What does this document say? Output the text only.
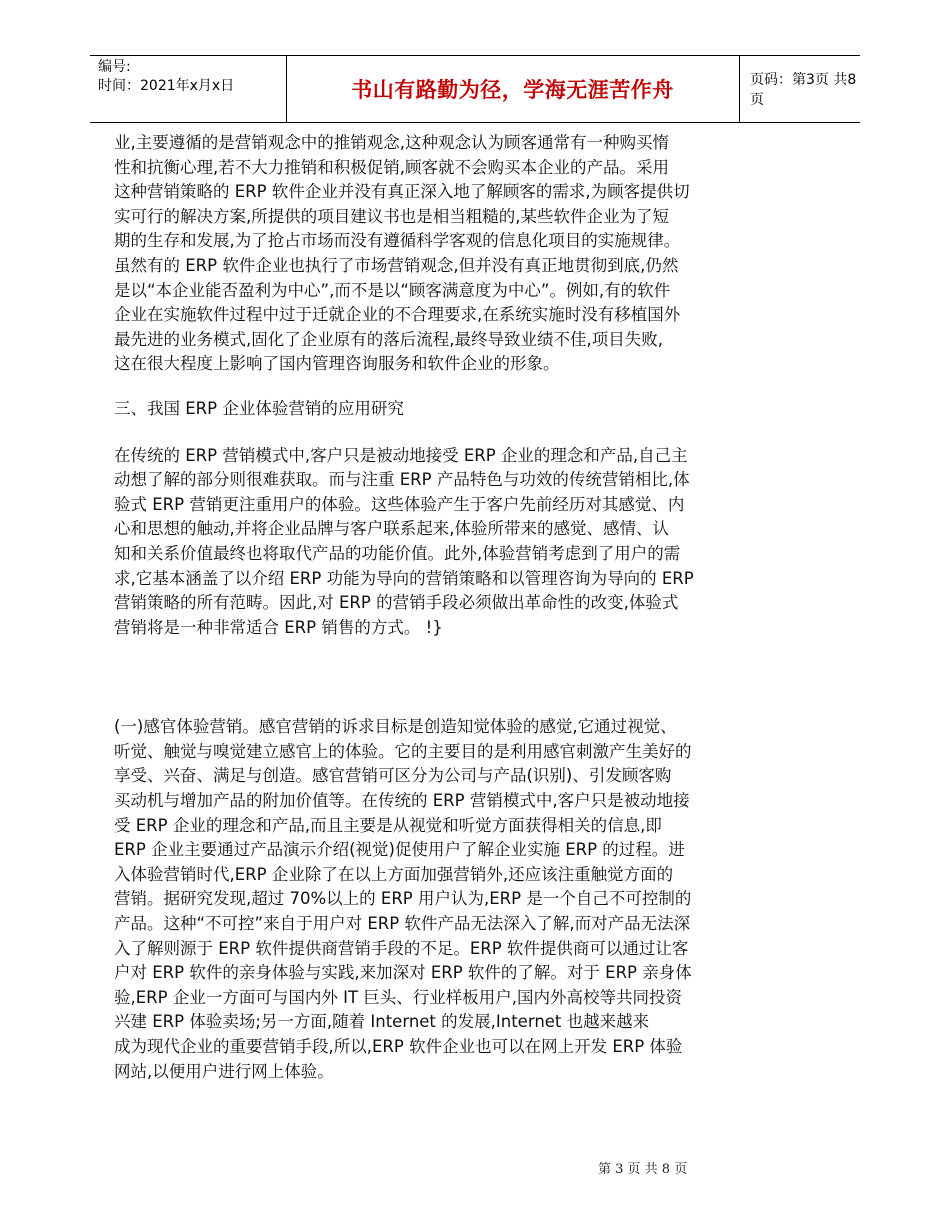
编号:
时间：2021年x月x日	书山有路勤为径，学海无涯苦作舟	页码：第3页 共8页
业,主要遵循的是营销观念中的推销观念,这种观念认为顾客通常有一种购买惰
性和抗衡心理,若不大力推销和积极促销,顾客就不会购买本企业的产品。采用
这种营销策略的 ERP 软件企业并没有真正深入地了解顾客的需求,为顾客提供切
实可行的解决方案,所提供的项目建议书也是相当粗糙的,某些软件企业为了短
期的生存和发展,为了抢占市场而没有遵循科学客观的信息化项目的实施规律。
虽然有的 ERP 软件企业也执行了市场营销观念,但并没有真正地贯彻到底,仍然
是以“本企业能否盈利为中心”,而不是以“顾客满意度为中心”。例如,有的软件
企业在实施软件过程中过于迁就企业的不合理要求,在系统实施时没有移植国外
最先进的业务模式,固化了企业原有的落后流程,最终导致业绩不佳,项目失败,
这在很大程度上影响了国内管理咨询服务和软件企业的形象。
三、我国 ERP 企业体验营销的应用研究
在传统的 ERP 营销模式中,客户只是被动地接受 ERP 企业的理念和产品,自己主
动想了解的部分则很难获取。而与注重 ERP 产品特色与功效的传统营销相比,体
验式 ERP 营销更注重用户的体验。这些体验产生于客户先前经历对其感觉、内
心和思想的触动,并将企业品牌与客户联系起来,体验所带来的感觉、感情、认
知和关系价值最终也将取代产品的功能价值。此外,体验营销考虑到了用户的需
求,它基本涵盖了以介绍 ERP 功能为导向的营销策略和以管理咨询为导向的 ERP
营销策略的所有范畴。因此,对 ERP 的营销手段必须做出革命性的改变,体验式
营销将是一种非常适合 ERP 销售的方式。 !}
(一)感官体验营销。感官营销的诉求目标是创造知觉体验的感觉,它通过视觉、
听觉、触觉与嗅觉建立感官上的体验。它的主要目的是利用感官刺激产生美好的
享受、兴奋、满足与创造。感官营销可区分为公司与产品(识别)、引发顾客购
买动机与增加产品的附加价值等。在传统的 ERP 营销模式中,客户只是被动地接
受 ERP 企业的理念和产品,而且主要是从视觉和听觉方面获得相关的信息,即
ERP 企业主要通过产品演示介绍(视觉)促使用户了解企业实施 ERP 的过程。进
入体验营销时代,ERP 企业除了在以上方面加强营销外,还应该注重触觉方面的
营销。据研究发现,超过 70%以上的 ERP 用户认为,ERP 是一个自己不可控制的
产品。这种“不可控”来自于用户对 ERP 软件产品无法深入了解,而对产品无法深
入了解则源于 ERP 软件提供商营销手段的不足。ERP 软件提供商可以通过让客
户对 ERP 软件的亲身体验与实践,来加深对 ERP 软件的了解。对于 ERP 亲身体
验,ERP 企业一方面可与国内外 IT 巨头、行业样板用户,国内外高校等共同投资
兴建 ERP 体验卖场;另一方面,随着 Internet 的发展,Internet 也越来越来
成为现代企业的重要营销手段,所以,ERP 软件企业也可以在网上开发 ERP 体验
网站,以便用户进行网上体验。
第 3 页 共 8 页
